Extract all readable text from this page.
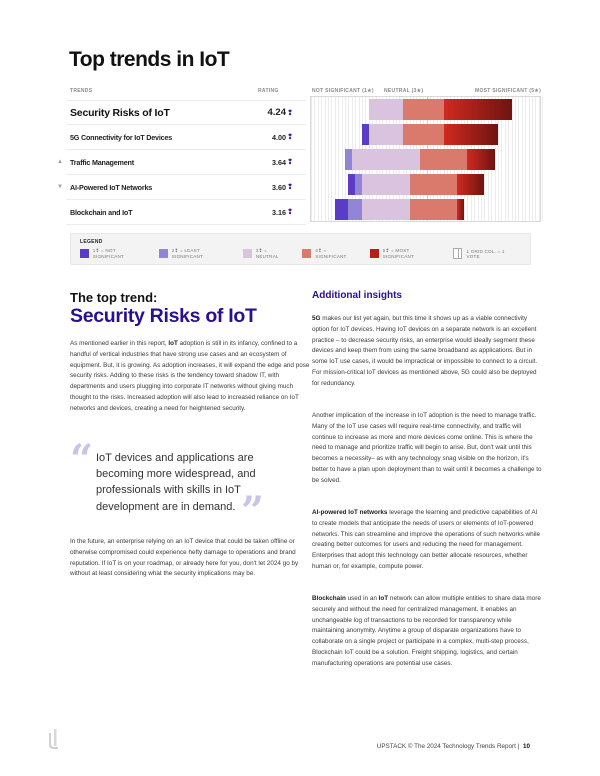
Top trends in IoT
TRENDS	RATING	NOT SIGNIFICANT (1★) NEUTRAL (3★)	MOST SIGNIFICANT (5★)
Security Risks of IoT	4.24 ❢
5G Connectivity for IoT Devices	4.00 ❢
▲ Traffic Management	3.64 ❢
▼ AI-Powered IoT Networks	3.60 ❢
Blockchain and IoT	3.16 ❢
LEGEND
1❢ = NOT SIGNIFICANT
2❢ = LEAST SIGNIFICANT
3❢ = NEUTRAL
4❢ = SIGNIFICANT
5❢ = MOST SIGNIFICANT
1 GRID COL. = 1 VOTE
The top trend:
Security Risks of IoT

As mentioned earlier in this report, IoT adoption is still in its infancy, confined to a handful of vertical industries that have strong use cases and an ecosystem of equipment. But, it is growing. As adoption increases, it will expand the edge and pose security risks. Adding to these risks is the tendency toward shadow IT, with departments and users plugging into corporate IT networks without giving much thought to the risks. Increased adoption will also lead to increased reliance on IoT networks and devices, creating a need for heightened security.

“ IoT devices and applications are becoming more widespread, and professionals with skills in IoT development are in demand. ”

In the future, an enterprise relying on an IoT device that could be taken offline or otherwise compromised could experience hefty damage to operations and brand reputation. If IoT is on your roadmap, or already here for you, don't let 2024 go by without at least considering what the security implications may be.

Additional insights

5G makes our list yet again, but this time it shows up as a viable connectivity option for IoT devices. Having IoT devices on a separate network is an excellent practice – to decrease security risks, an enterprise would ideally segment these devices and keep them from using the same broadband as applications. But in some IoT use cases, it would be impractical or impossible to connect to a circuit. For mission-critical IoT devices as mentioned above, 5G could also be deployed for redundancy.

Another implication of the increase in IoT adoption is the need to manage traffic. Many of the IoT use cases will require real-time connectivity, and traffic will continue to increase as more and more devices come online. This is where the need to manage and prioritize traffic will begin to arise. But, don't wait until this becomes a necessity– as with any technology snag visible on the horizon, it's better to have a plan upon deployment than to wait until it becomes a challenge to be solved.

AI-powered IoT networks leverage the learning and predictive capabilities of AI to create models that anticipate the needs of users or elements of IoT-powered networks. This can streamline and improve the operations of such networks while creating better outcomes for users and reducing the need for management. Enterprises that adopt this technology can better allocate resources, whether human or, for example, compute power.

Blockchain used in an IoT network can allow multiple entities to share data more securely and without the need for centralized management. It enables an unchangeable log of transactions to be recorded for transparency while maintaining anonymity. Anytime a group of disparate organizations have to collaborate on a single project or participate in a complex, multi-step process, Blockchain IoT could be a solution. Freight shipping, logistics, and certain manufacturing operations are potential use cases.

UPSTACK © The 2024 Technology Trends Report | 10
